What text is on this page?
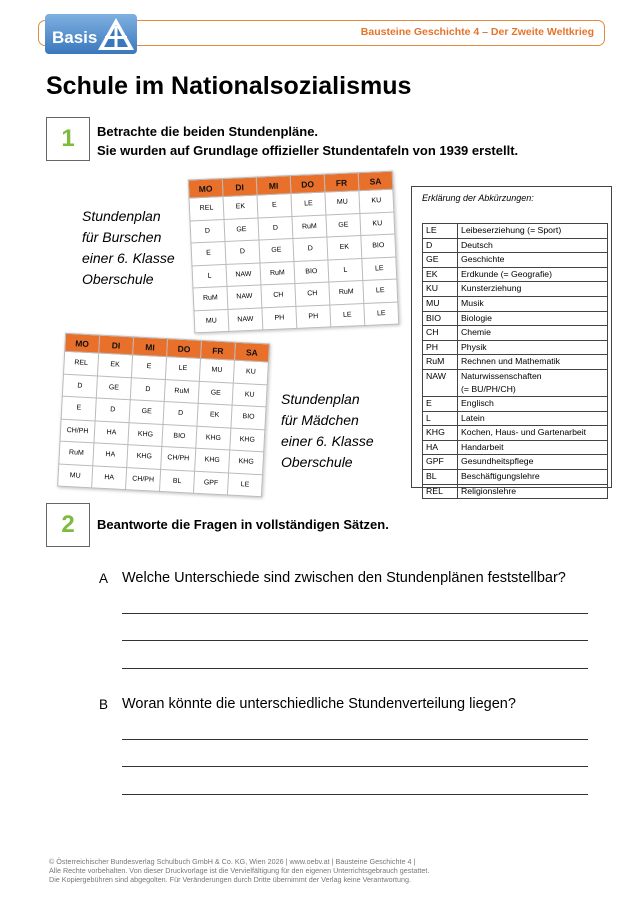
Bausteine Geschichte 4 – Der Zweite Weltkrieg
Basis
Schule im Nationalsozialismus
1 Betrachte die beiden Stundenpläne.
Sie wurden auf Grundlage offizieller Stundentafeln von 1939 erstellt.
Stundenplan
für Burschen
einer 6. Klasse
Oberschule
Stundenplan
für Mädchen
einer 6. Klasse
Oberschule
MO	DI	MI	DO	FR	SA
REL	EK	E	LE	MU	KU
D	GE	D	RuM	GE	KU
E	D	GE	D	EK	BIO
L	NAW	RuM	BIO	L	LE
RuM	NAW	CH	CH	RuM	LE
MU	NAW	PH	PH	LE	LE
MO	DI	MI	DO	FR	SA
REL	EK	E	LE	MU	KU
D	GE	D	RuM	GE	KU
E	D	GE	D	EK	BIO
CH/PH	HA	KHG	BIO	KHG	KHG
RuM	HA	KHG	CH/PH	KHG	KHG
MU	HA	CH/PH	BL	GPF	LE
Erklärung der Abkürzungen:
LE	Leibeserziehung (= Sport)
D	Deutsch
GE	Geschichte
EK	Erdkunde (= Geografie)
KU	Kunsterziehung
MU	Musik
BIO	Biologie
CH	Chemie
PH	Physik
RuM	Rechnen und Mathematik
NAW	Naturwissenschaften
(= BU/PH/CH)

E	Englisch
L	Latein
KHG	Kochen, Haus- und Gartenarbeit
HA	Handarbeit
GPF	Gesundheitspflege
BL	Beschäftigungslehre
REL	Religionslehre
2 Beantworte die Fragen in vollständigen Sätzen.
A Welche Unterschiede sind zwischen den Stundenplänen feststellbar?
B Woran könnte die unterschiedliche Stundenverteilung liegen?
© Österreichischer Bundesverlag Schulbuch GmbH & Co. KG, Wien 2026 | www.oebv.at | Bausteine Geschichte 4 |
Alle Rechte vorbehalten. Von dieser Druckvorlage ist die Vervielfältigung für den eigenen Unterrichtsgebrauch gestattet.
Die Kopiergebühren sind abgegolten. Für Veränderungen durch Dritte übernimmt der Verlag keine Verantwortung.
